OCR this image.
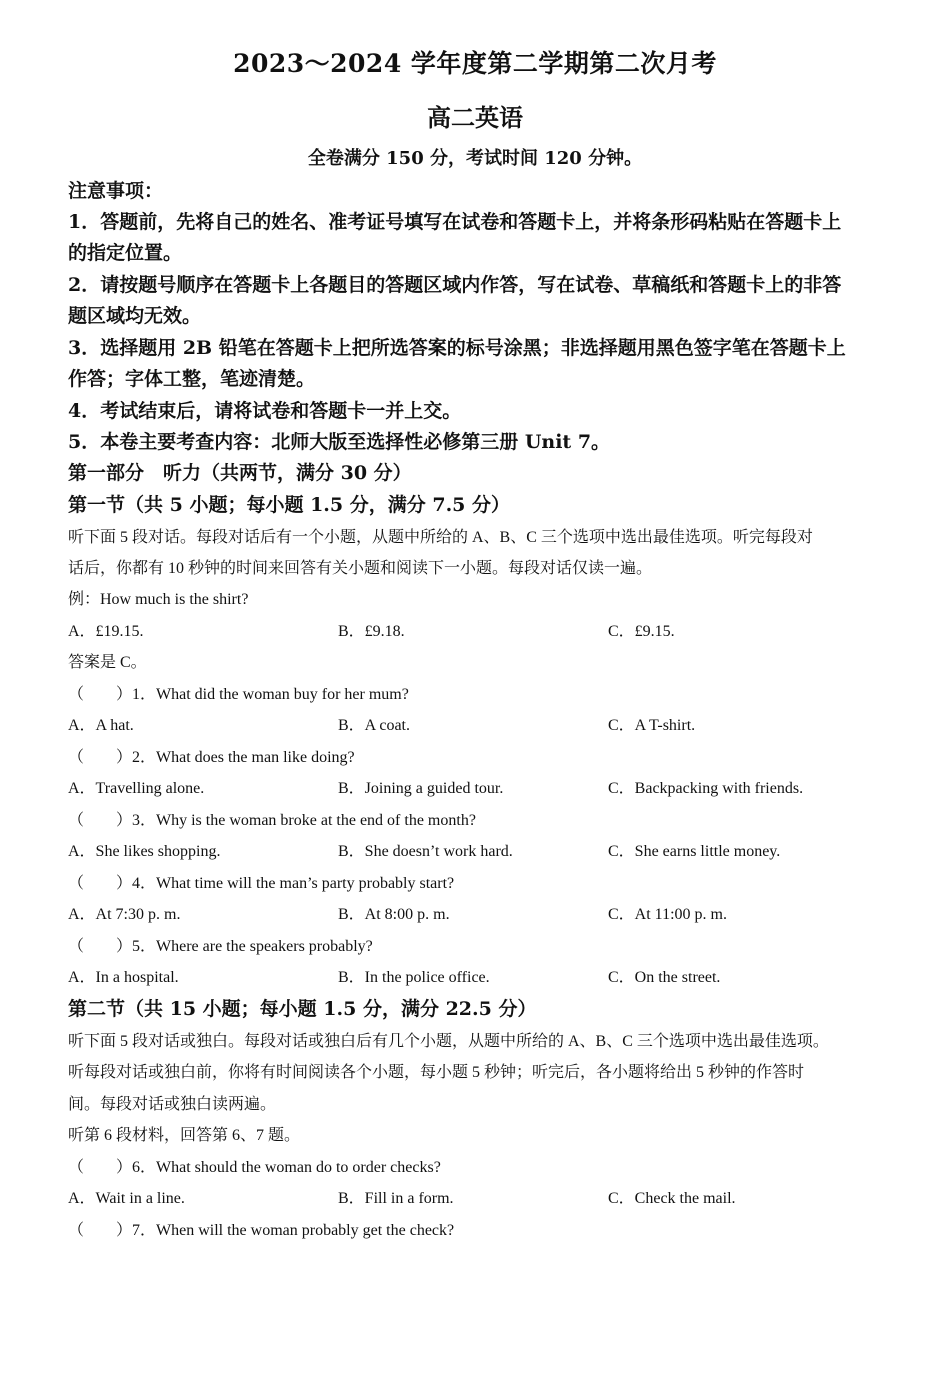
2023～2024 学年度第二学期第二次月考
高二英语
全卷满分 150 分，考试时间 120 分钟。
注意事项：
1．答题前，先将自己的姓名、准考证号填写在试卷和答题卡上，并将条形码粘贴在答题卡上
的指定位置。
2．请按题号顺序在答题卡上各题目的答题区域内作答，写在试卷、草稿纸和答题卡上的非答
题区域均无效。
3．选择题用 2B 铅笔在答题卡上把所选答案的标号涂黑；非选择题用黑色签字笔在答题卡上
作答；字体工整，笔迹清楚。
4．考试结束后，请将试卷和答题卡一并上交。
5．本卷主要考查内容：北师大版至选择性必修第三册 Unit 7。
第一部分　听力（共两节，满分 30 分）
第一节（共 5 小题；每小题 1.5 分，满分 7.5 分）
听下面 5 段对话。每段对话后有一个小题，从题中所给的 A、B、C 三个选项中选出最佳选项。听完每段对
话后，你都有 10 秒钟的时间来回答有关小题和阅读下一小题。每段对话仅读一遍。
例：How much is the shirt?
A．£19.15.	B．£9.18.	C．£9.15.
答案是 C。
（　　）1．What did the woman buy for her mum?
A．A hat.	B．A coat.	C．A T-shirt.
（　　）2．What does the man like doing?
A．Travelling alone.	B．Joining a guided tour.	C．Backpacking with friends.
（　　）3．Why is the woman broke at the end of the month?
A．She likes shopping.	B．She doesn’t work hard.	C．She earns little money.
（　　）4．What time will the man’s party probably start?
A．At 7:30 p. m.	B．At 8:00 p. m.	C．At 11:00 p. m.
（　　）5．Where are the speakers probably?
A．In a hospital.	B．In the police office.	C．On the street.
第二节（共 15 小题；每小题 1.5 分，满分 22.5 分）
听下面 5 段对话或独白。每段对话或独白后有几个小题，从题中所给的 A、B、C 三个选项中选出最佳选项。
听每段对话或独白前，你将有时间阅读各个小题，每小题 5 秒钟；听完后，各小题将给出 5 秒钟的作答时
间。每段对话或独白读两遍。
听第 6 段材料，回答第 6、7 题。
（　　）6．What should the woman do to order checks?
A．Wait in a line.	B．Fill in a form.	C．Check the mail.
（　　）7．When will the woman probably get the check?
